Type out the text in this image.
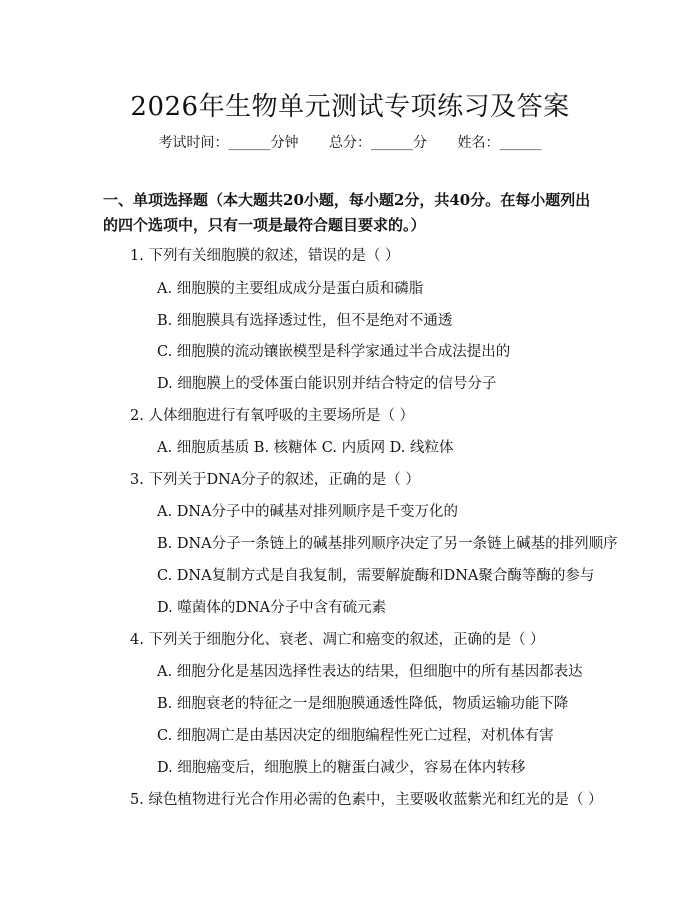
2026年生物单元测试专项练习及答案
考试时间：______分钟 总分：______分 姓名：______
一、单项选择题（本大题共20小题，每小题2分，共40分。在每小题列出的四个选项中，只有一项是最符合题目要求的。）
1. 下列有关细胞膜的叙述，错误的是（ ）
A. 细胞膜的主要组成成分是蛋白质和磷脂
B. 细胞膜具有选择透过性，但不是绝对不通透
C. 细胞膜的流动镶嵌模型是科学家通过半合成法提出的
D. 细胞膜上的受体蛋白能识别并结合特定的信号分子
2. 人体细胞进行有氧呼吸的主要场所是（ ）
A. 细胞质基质 B. 核糖体 C. 内质网 D. 线粒体
3. 下列关于DNA分子的叙述，正确的是（ ）
A. DNA分子中的碱基对排列顺序是千变万化的
B. DNA分子一条链上的碱基排列顺序决定了另一条链上碱基的排列顺序
C. DNA复制方式是自我复制，需要解旋酶和DNA聚合酶等酶的参与
D. 噬菌体的DNA分子中含有硫元素
4. 下列关于细胞分化、衰老、凋亡和癌变的叙述，正确的是（ ）
A. 细胞分化是基因选择性表达的结果，但细胞中的所有基因都表达
B. 细胞衰老的特征之一是细胞膜通透性降低，物质运输功能下降
C. 细胞凋亡是由基因决定的细胞编程性死亡过程，对机体有害
D. 细胞癌变后，细胞膜上的糖蛋白减少，容易在体内转移
5. 绿色植物进行光合作用必需的色素中，主要吸收蓝紫光和红光的是（ ）
